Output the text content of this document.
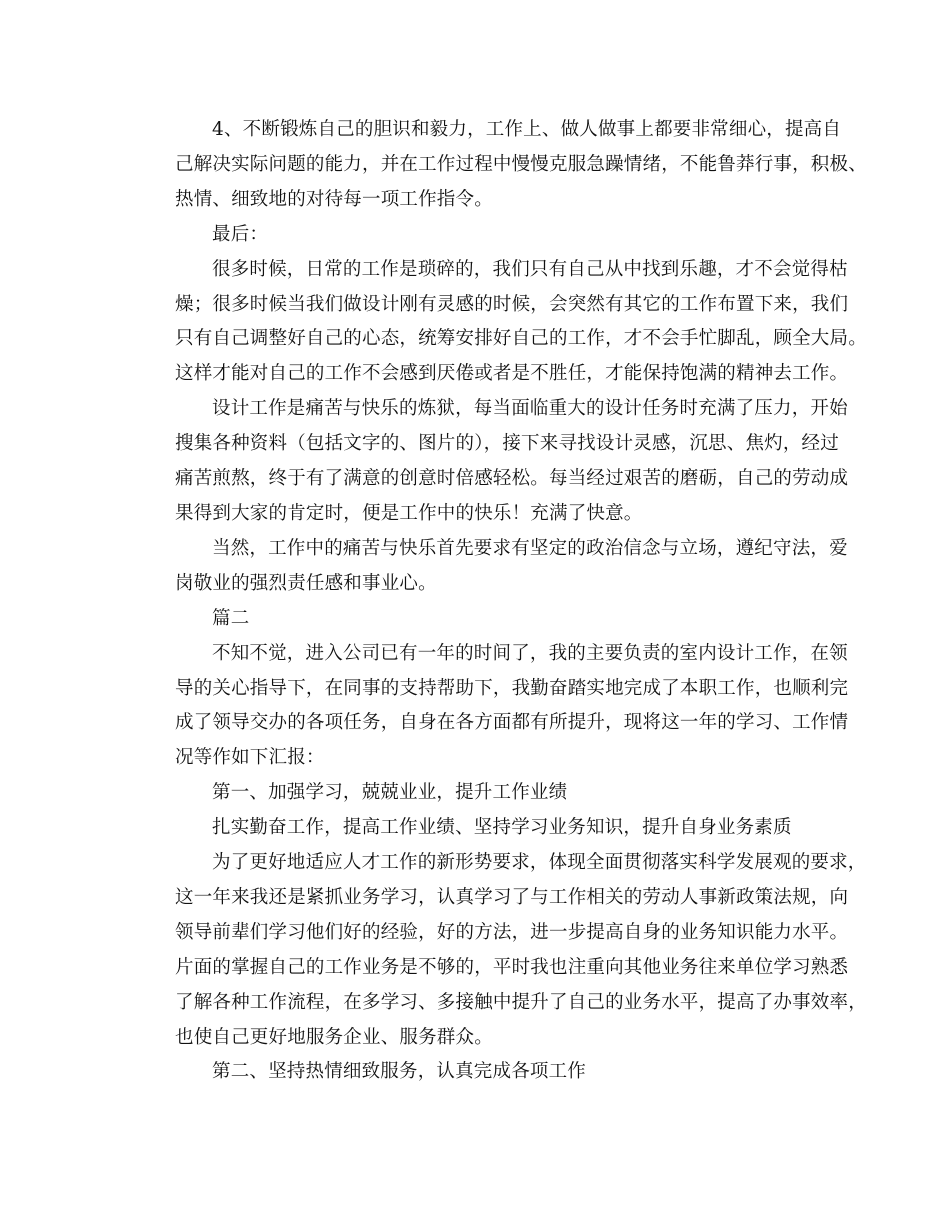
4、不断锻炼自己的胆识和毅力，工作上、做人做事上都要非常细心，提高自
己解决实际问题的能力，并在工作过程中慢慢克服急躁情绪，不能鲁莽行事，积极、
热情、细致地的对待每一项工作指令。
最后：
很多时候，日常的工作是琐碎的，我们只有自己从中找到乐趣，才不会觉得枯
燥；很多时候当我们做设计刚有灵感的时候，会突然有其它的工作布置下来，我们
只有自己调整好自己的心态，统筹安排好自己的工作，才不会手忙脚乱，顾全大局。
这样才能对自己的工作不会感到厌倦或者是不胜任，才能保持饱满的精神去工作。
设计工作是痛苦与快乐的炼狱，每当面临重大的设计任务时充满了压力，开始
搜集各种资料（包括文字的、图片的），接下来寻找设计灵感，沉思、焦灼，经过
痛苦煎熬，终于有了满意的创意时倍感轻松。每当经过艰苦的磨砺，自己的劳动成
果得到大家的肯定时，便是工作中的快乐！充满了快意。
当然，工作中的痛苦与快乐首先要求有坚定的政治信念与立场，遵纪守法，爱
岗敬业的强烈责任感和事业心。
篇二
不知不觉，进入公司已有一年的时间了，我的主要负责的室内设计工作，在领
导的关心指导下，在同事的支持帮助下，我勤奋踏实地完成了本职工作，也顺利完
成了领导交办的各项任务，自身在各方面都有所提升，现将这一年的学习、工作情
况等作如下汇报：
第一、加强学习，兢兢业业，提升工作业绩
扎实勤奋工作，提高工作业绩、坚持学习业务知识，提升自身业务素质
为了更好地适应人才工作的新形势要求，体现全面贯彻落实科学发展观的要求，
这一年来我还是紧抓业务学习，认真学习了与工作相关的劳动人事新政策法规，向
领导前辈们学习他们好的经验，好的方法，进一步提高自身的业务知识能力水平。
片面的掌握自己的工作业务是不够的，平时我也注重向其他业务往来单位学习熟悉
了解各种工作流程，在多学习、多接触中提升了自己的业务水平，提高了办事效率，
也使自己更好地服务企业、服务群众。
第二、坚持热情细致服务，认真完成各项工作
